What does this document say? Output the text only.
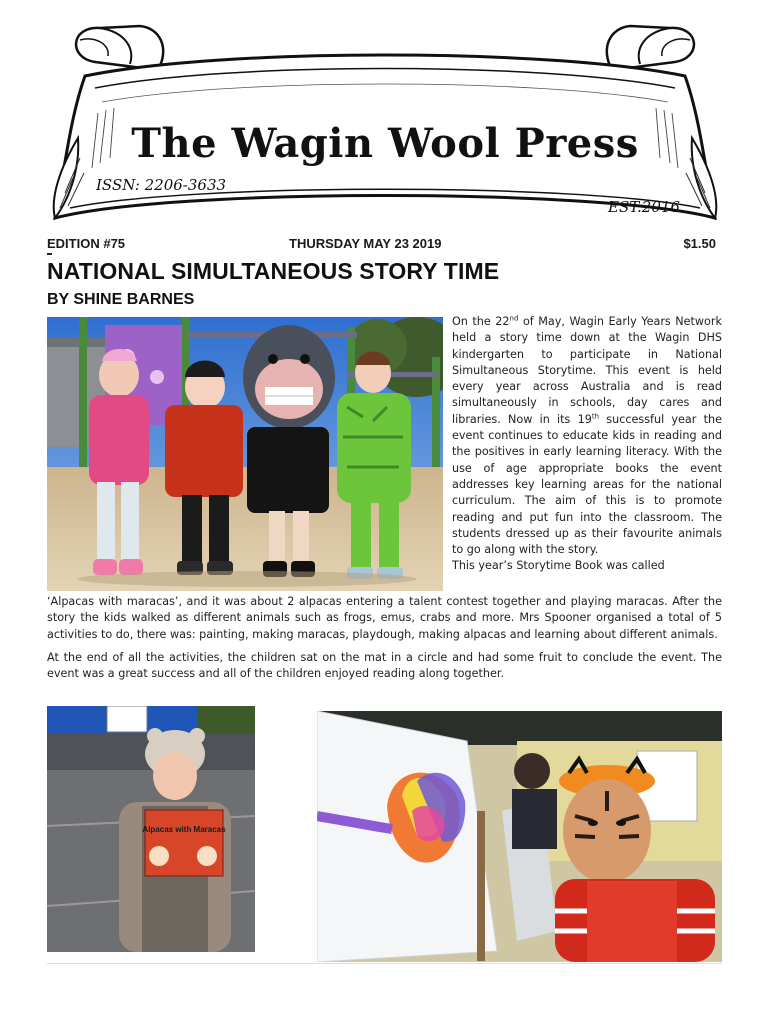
The Wagin Wool Press
ISSN: 2206-3633
EST.2016
EDITION #75	THURSDAY MAY 23 2019	$1.50
NATIONAL SIMULTANEOUS STORY TIME
BY SHINE BARNES

On the 22nd of May, Wagin Early Years Network held a story time down at the Wagin DHS kindergarten to participate in National Simultaneous Storytime. This event is held every year across Australia and is read simultaneously in schools, day cares and libraries. Now in its 19th successful year the event continues to educate kids in reading and the positives in early learning literacy. With the use of age appropriate books the event addresses key learning areas for the national curriculum. The aim of this is to promote reading and put fun into the classroom. The students dressed up as their favourite animals to go along with the story.

This year’s Storytime Book was called

‘Alpacas with maracas’, and it was about 2 alpacas entering a talent contest together and playing maracas. After the story the kids walked as different animals such as frogs, emus, crabs and more. Mrs Spooner organised a total of 5 activities to do, there was: painting, making maracas, playdough, making alpacas and learning about different animals.

At the end of all the activities, the children sat on the mat in a circle and had some fruit to conclude the event. The event was a great success and all of the children enjoyed reading along together.

Alpacas with Maracas
